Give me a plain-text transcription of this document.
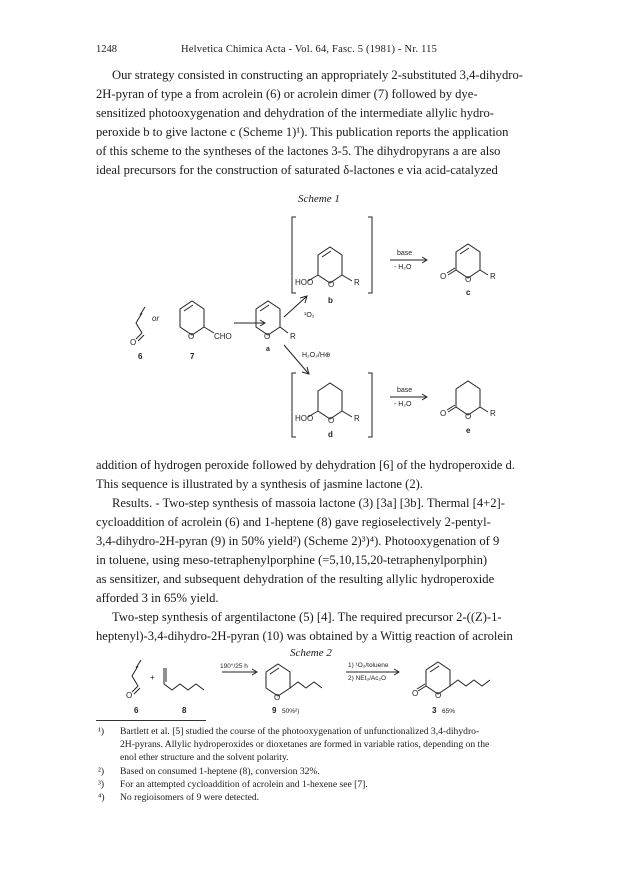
1248	Helvetica Chimica Acta - Vol. 64, Fasc. 5 (1981) - Nr. 115
Our strategy consisted in constructing an appropriately 2-substituted 3,4-dihydro-
2H-pyran of type a from acrolein (6) or acrolein dimer (7) followed by dye-
sensitized photooxygenation and dehydration of the intermediate allylic hydro-
peroxide b to give lactone c (Scheme 1)¹). This publication reports the application
of this scheme to the syntheses of the lactones 3-5. The dihydropyrans a are also
ideal precursors for the construction of saturated δ-lactones e via acid-catalyzed
Scheme 1
HOO O R
b
base
- H₂O
O O R
c
¹O₂
or
O
O CHO	O R
6	7
a
H₂O₂/H⊕
HOO O R
d
base
- H₂O
O O R
e
addition of hydrogen peroxide followed by dehydration [6] of the hydroperoxide d.
This sequence is illustrated by a synthesis of jasmine lactone (2).
Results. - Two-step synthesis of massoia lactone (3) [3a] [3b]. Thermal [4+2]-
cycloaddition of acrolein (6) and 1-heptene (8) gave regioselectively 2-pentyl-
3,4-dihydro-2H-pyran (9) in 50% yield²) (Scheme 2)³)⁴). Photooxygenation of 9
in toluene, using meso-tetraphenylporphine (=5,10,15,20-tetraphenylporphin)
as sensitizer, and subsequent dehydration of the resulting allylic hydroperoxide
afforded 3 in 65% yield.
Two-step synthesis of argentilactone (5) [4]. The required precursor 2-((Z)-1-
heptenyl)-3,4-dihydro-2H-pyran (10) was obtained by a Wittig reaction of acrolein
Scheme 2
+
O	O	O O
190°/25 h	1) ¹O₂/toluene
2) NEt₃/Ac₂O
6	8	9 50%²)	3 65%
¹) Bartlett et al. [5] studied the course of the photooxygenation of unfunctionalized 3,4-dihydro-
2H-pyrans. Allylic hydroperoxides or dioxetanes are formed in variable ratios, depending on the
enol ether structure and the solvent polarity.
²) Based on consumed 1-heptene (8), conversion 32%.
³) For an attempted cycloaddition of acrolein and 1-hexene see [7].
⁴) No regioisomers of 9 were detected.
